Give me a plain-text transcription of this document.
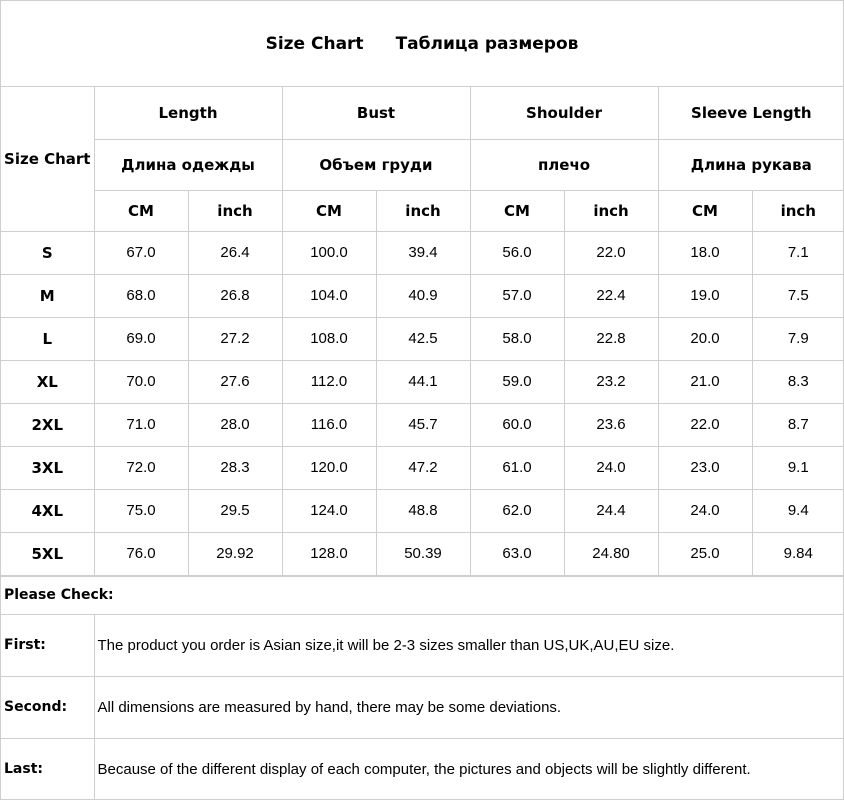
Size Chart Таблица размеров
Size Chart	Length		Bust		Shoulder		Sleeve Length	
	Длина одежды		Объем груди		плечо		Длина рукава	
	CM	inch	CM	inch	CM	inch	CM	inch
S	67.0	26.4	100.0	39.4	56.0	22.0	18.0	7.1
M	68.0	26.8	104.0	40.9	57.0	22.4	19.0	7.5
L	69.0	27.2	108.0	42.5	58.0	22.8	20.0	7.9
XL	70.0	27.6	112.0	44.1	59.0	23.2	21.0	8.3
2XL	71.0	28.0	116.0	45.7	60.0	23.6	22.0	8.7
3XL	72.0	28.3	120.0	47.2	61.0	24.0	23.0	9.1
4XL	75.0	29.5	124.0	48.8	62.0	24.4	24.0	9.4
5XL	76.0	29.92	128.0	50.39	63.0	24.80	25.0	9.84
Please Check:	
First:	The product you order is Asian size,it will be 2-3 sizes smaller than US,UK,AU,EU size.
Second:	All dimensions are measured by hand, there may be some deviations.
Last:	Because of the different display of each computer, the pictures and objects will be slightly different.
